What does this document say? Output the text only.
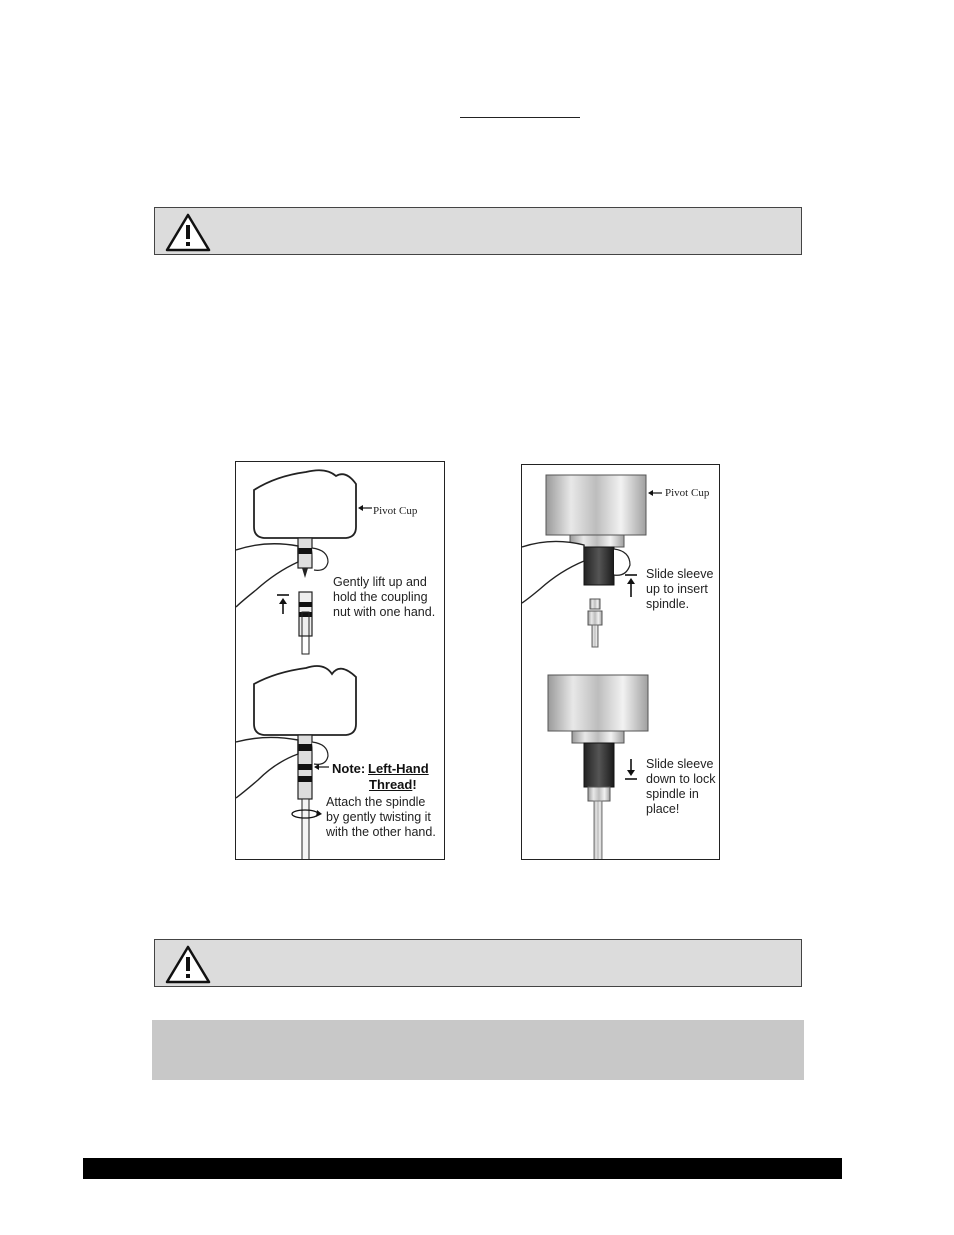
Pivot Cup
Gently lift up and
hold the coupling
nut with one hand.
Note: Left-Hand
Thread!
Attach the spindle
by gently twisting it
with the other hand.
Pivot Cup
Slide sleeve
up to insert
spindle.
Slide sleeve
down to lock
spindle in
place!
